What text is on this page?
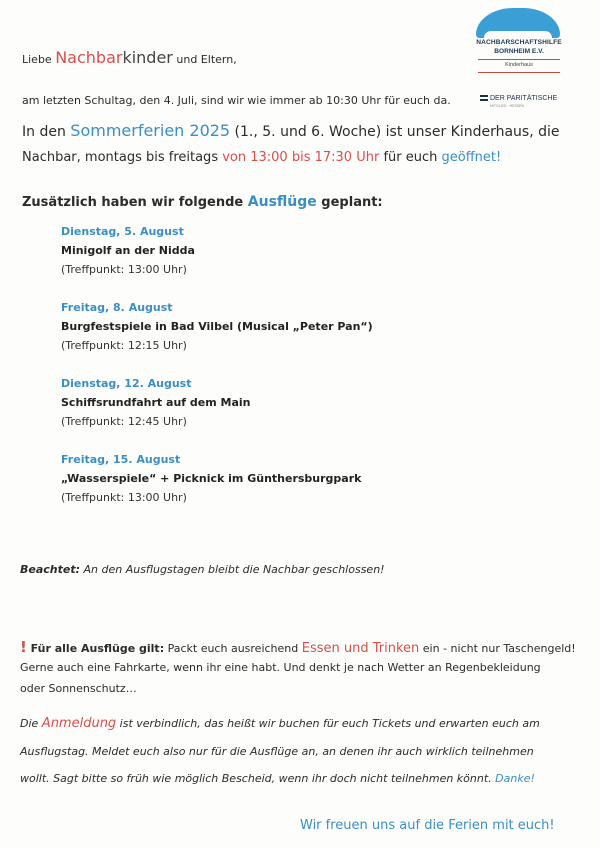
NACHBARSCHAFTSHILFE
BORNHEIM E.V.
Kinderhaus
DER PARITÄTISCHE
MITGLIED · HESSEN
Liebe Nachbarkinder und Eltern,
am letzten Schultag, den 4. Juli, sind wir wie immer ab 10:30 Uhr für euch da.
In den Sommerferien 2025 (1., 5. und 6. Woche) ist unser Kinderhaus, die
Nachbar, montags bis freitags von 13:00 bis 17:30 Uhr für euch geöffnet!
Zusätzlich haben wir folgende Ausflüge geplant:
Dienstag, 5. August
Minigolf an der Nidda
(Treffpunkt: 13:00 Uhr)
Freitag, 8. August
Burgfestspiele in Bad Vilbel (Musical „Peter Pan“)
(Treffpunkt: 12:15 Uhr)
Dienstag, 12. August
Schiffsrundfahrt auf dem Main
(Treffpunkt: 12:45 Uhr)
Freitag, 15. August
„Wasserspiele“ + Picknick im Günthersburgpark
(Treffpunkt: 13:00 Uhr)
Beachtet: An den Ausflugstagen bleibt die Nachbar geschlossen!
! Für alle Ausflüge gilt: Packt euch ausreichend Essen und Trinken ein - nicht nur Taschengeld!
Gerne auch eine Fahrkarte, wenn ihr eine habt. Und denkt je nach Wetter an Regenbekleidung
oder Sonnenschutz…
Die Anmeldung ist verbindlich, das heißt wir buchen für euch Tickets und erwarten euch am
Ausflugstag. Meldet euch also nur für die Ausflüge an, an denen ihr auch wirklich teilnehmen
wollt. Sagt bitte so früh wie möglich Bescheid, wenn ihr doch nicht teilnehmen könnt. Danke!
Wir freuen uns auf die Ferien mit euch!
